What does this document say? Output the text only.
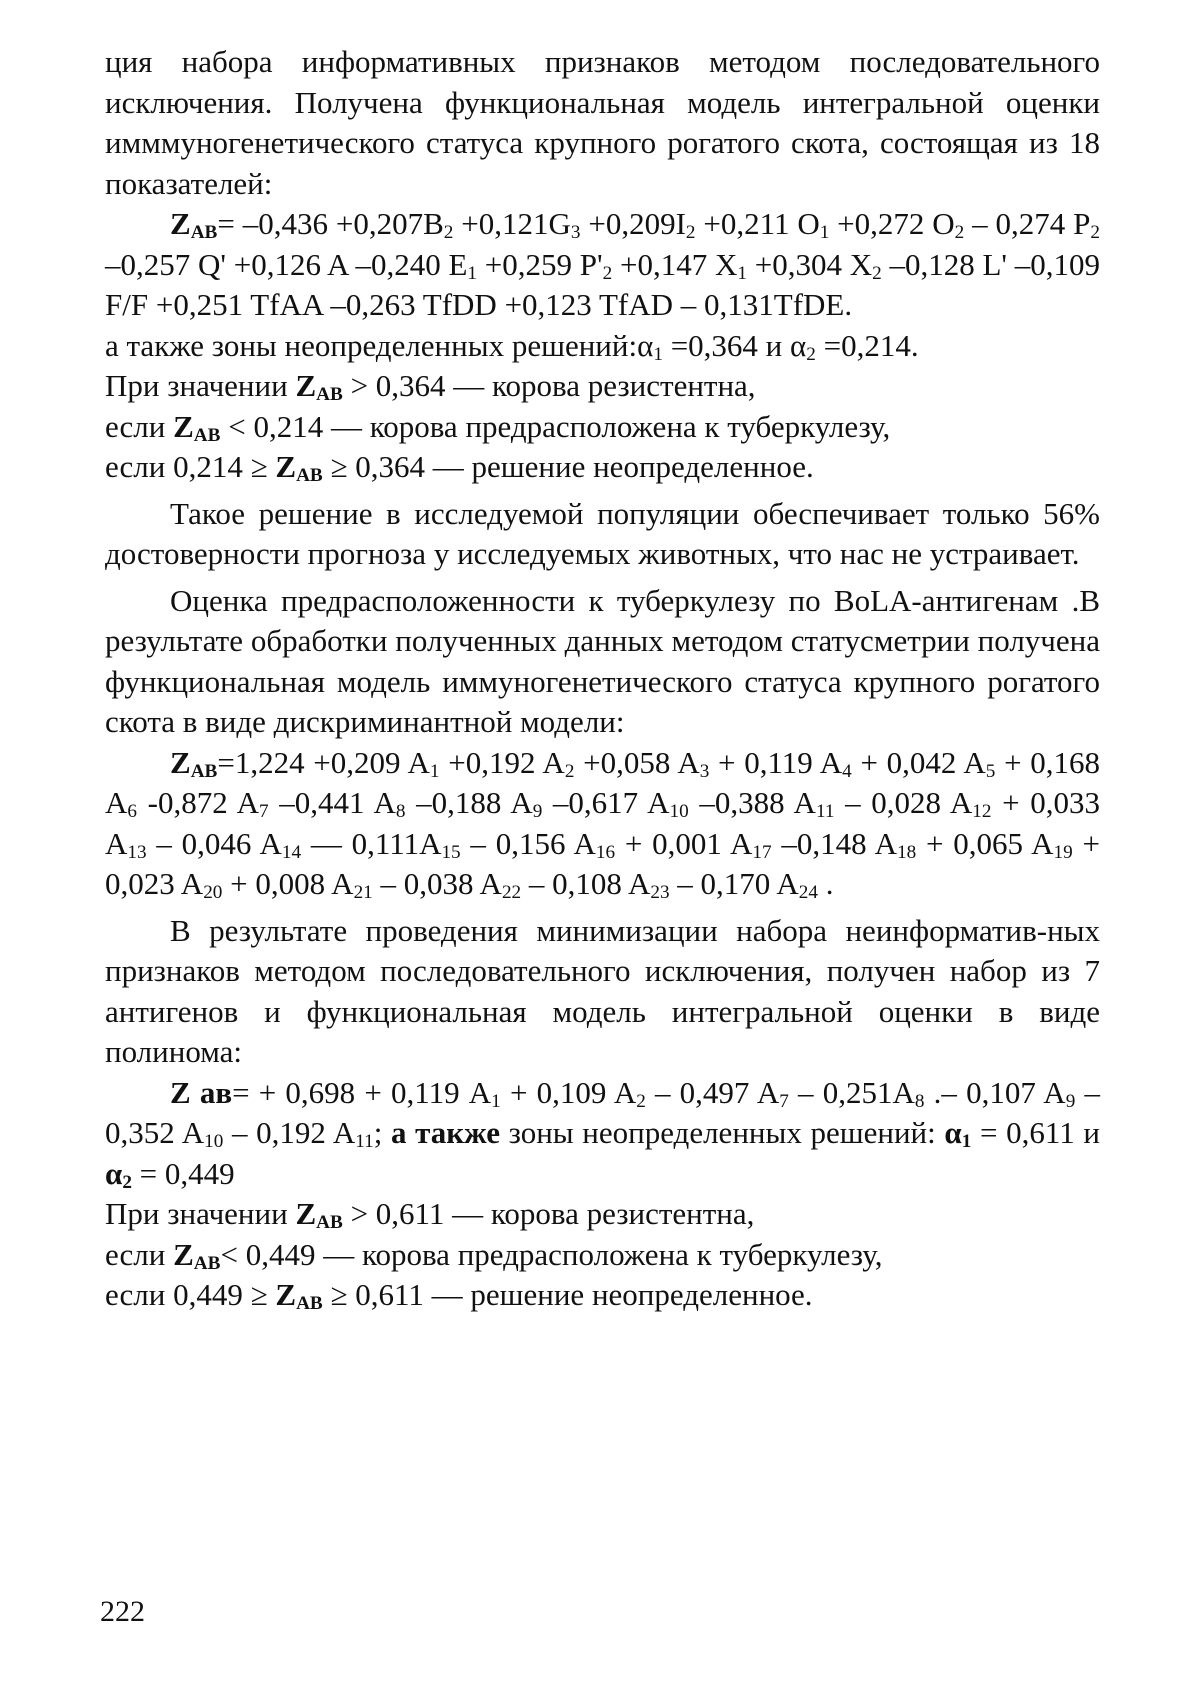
ция набора информативных признаков методом последовательного исключения. Получена функциональная модель интегральной оценки имммуногенетического статуса крупного рогатого скота, состоящая из 18 показателей:

$Z_{AB}= -0,436 +0,207B_2 +0,121G_3 +0,209I_2 +0,211$ $O_1 +0,272$ $O_2 - 0,274$ $P_2$ –0,257 Q' +0,126 A –0,240 $E_1 +0,259$ $P'_2 +0,147$ $X_1 +0,304$ $X_2$ –0,128 L' –0,109 F/F +0,251 TfAA –0,263 TfDD +0,123 TfAD – 0,131TfDE.

а также зоны неопределенных $решений:\alpha_1 =0,364$ и $\alpha_2 =0,214$.
При значении $Z_{AB} > 0,364$ — корова резистентна,
если $Z_{AB} < 0,214$ — корова предрасположена к туберкулезу,
если $0,214 \ge Z_{AB} \ge 0,364$ — решение неопределенное.

Такое решение в исследуемой популяции обеспечивает только 56% достоверности прогноза у исследуемых животных, что нас не устраивает.

Оценка предрасположенности к туберкулезу по BoLA-антигенам .В результате обработки полученных данных методом статусметрии получена функциональная модель иммуногенетического статуса крупного рогатого скота в виде дискриминантной модели:

$Z_{AB}=1,224 +0,209$ $A_1 +0,192$ $A_2 +0,058$ $A_3 + 0,119$ $A_4 + 0,042$ $A_5 + 0,168$ $A_6$ -0,872 $A_7$ –0,441 $A_8$ –0,188 $A_9$ –0,617 $A_{10}$ –0,388 $A_{11} - 0,028$ $A_{12} + 0,033$ $A_{13} - 0,046$ $A_{14} -- 0,111A_{15} - 0,156$ $A_{16} + 0,001$ $A_{17}$ –0,148 $A_{18} + 0,065$ $A_{19} + 0,023$ $A_{20} + 0,008$ $A_{21} - 0,038$ $A_{22} - 0,108$ $A_{23} - 0,170$ $A_{24}$ .

В результате проведения минимизации набора неинформатив-ных признаков методом последовательного исключения, получен набор из 7 антигенов и функциональная модель интегральной оценки в виде полинома:

Z ав= + 0,698 + 0,119 $A_1 + 0,109$ $A_2 - 0,497$ $A_7 - 0,251A_8$ .– 0,107 $A_9 - 0,352$ $A_{10} - 0,192$ $A_{11}$; а также зоны неопределенных решений: $\alpha_1 = 0,611$ и $\alpha_2 = 0,449$

При значении $Z_{AB} > 0,611$ — корова резистентна,
если $Z_{AB}< 0,449$ — корова предрасположена к туберкулезу,
если $0,449 \ge Z_{AB} \ge 0,611$ — решение неопределенное.

222
